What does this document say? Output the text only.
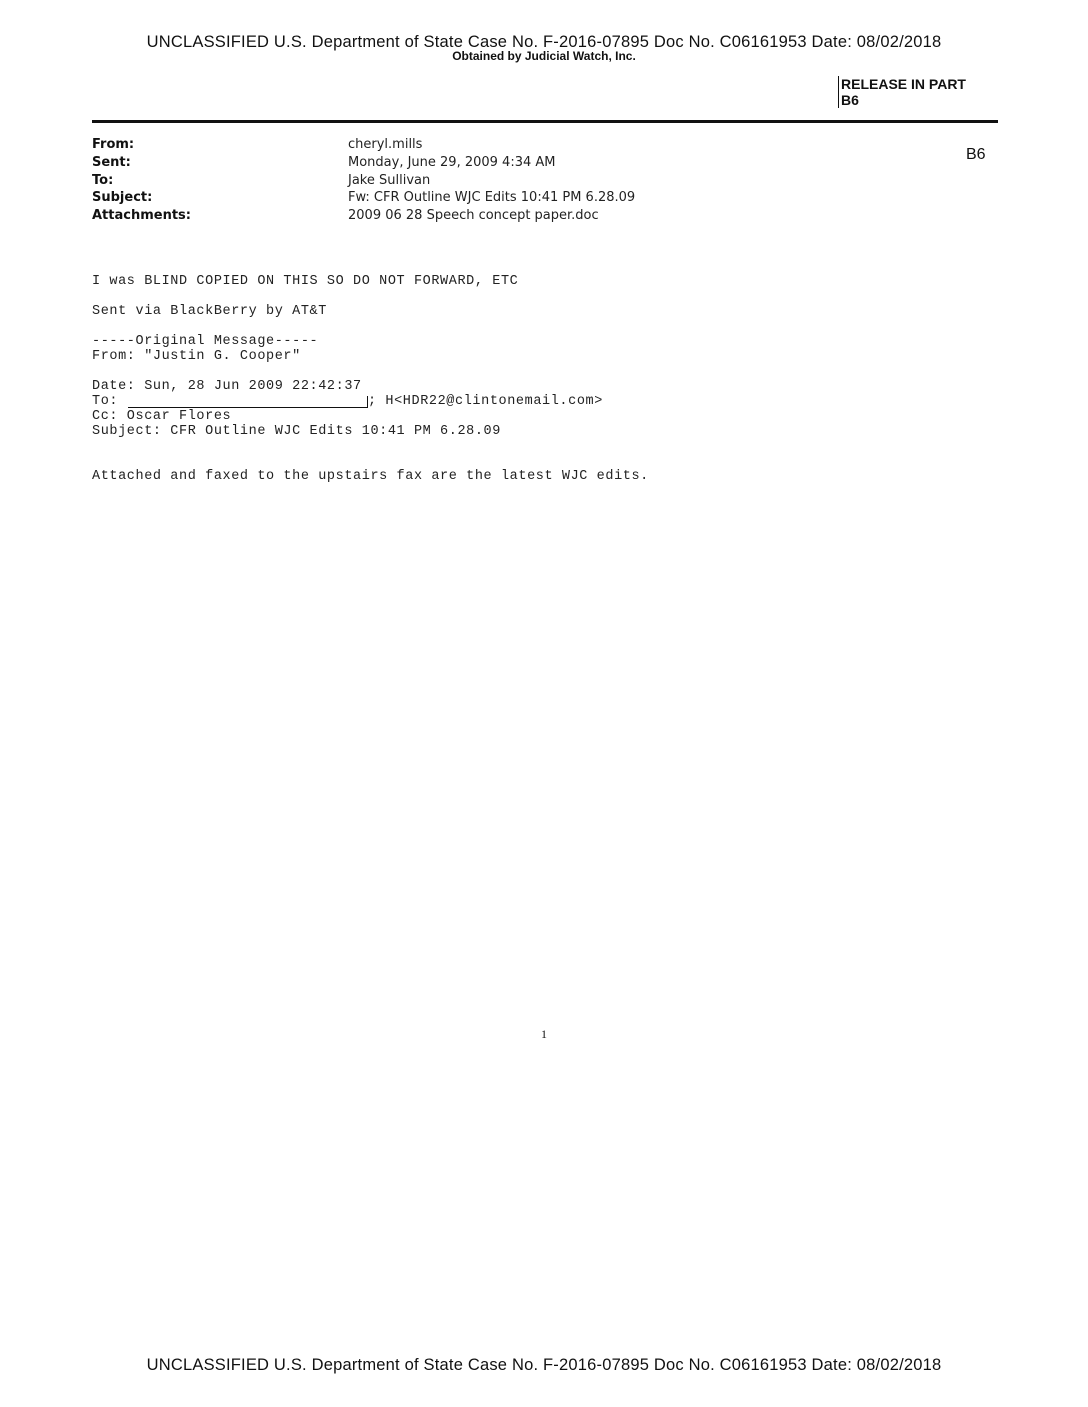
UNCLASSIFIED U.S. Department of State Case No. F-2016-07895 Doc No. C06161953 Date: 08/02/2018
Obtained by Judicial Watch, Inc.
RELEASE IN PART
B6
B6
From:	cheryl.mills
Sent:	Monday, June 29, 2009 4:34 AM
To:	Jake Sullivan
Subject:	Fw: CFR Outline WJC Edits 10:41 PM 6.28.09
Attachments:	2009 06 28 Speech concept paper.doc
I was BLIND COPIED ON THIS SO DO NOT FORWARD, ETC
Sent via BlackBerry by AT&T
-----Original Message-----
From: "Justin G. Cooper"
Date: Sun, 28 Jun 2009 22:42:37
To:	; H<HDR22@clintonemail.com>
Cc: Oscar Flores
Subject: CFR Outline WJC Edits 10:41 PM 6.28.09
Attached and faxed to the upstairs fax are the latest WJC edits.
1
UNCLASSIFIED U.S. Department of State Case No. F-2016-07895 Doc No. C06161953 Date: 08/02/2018
